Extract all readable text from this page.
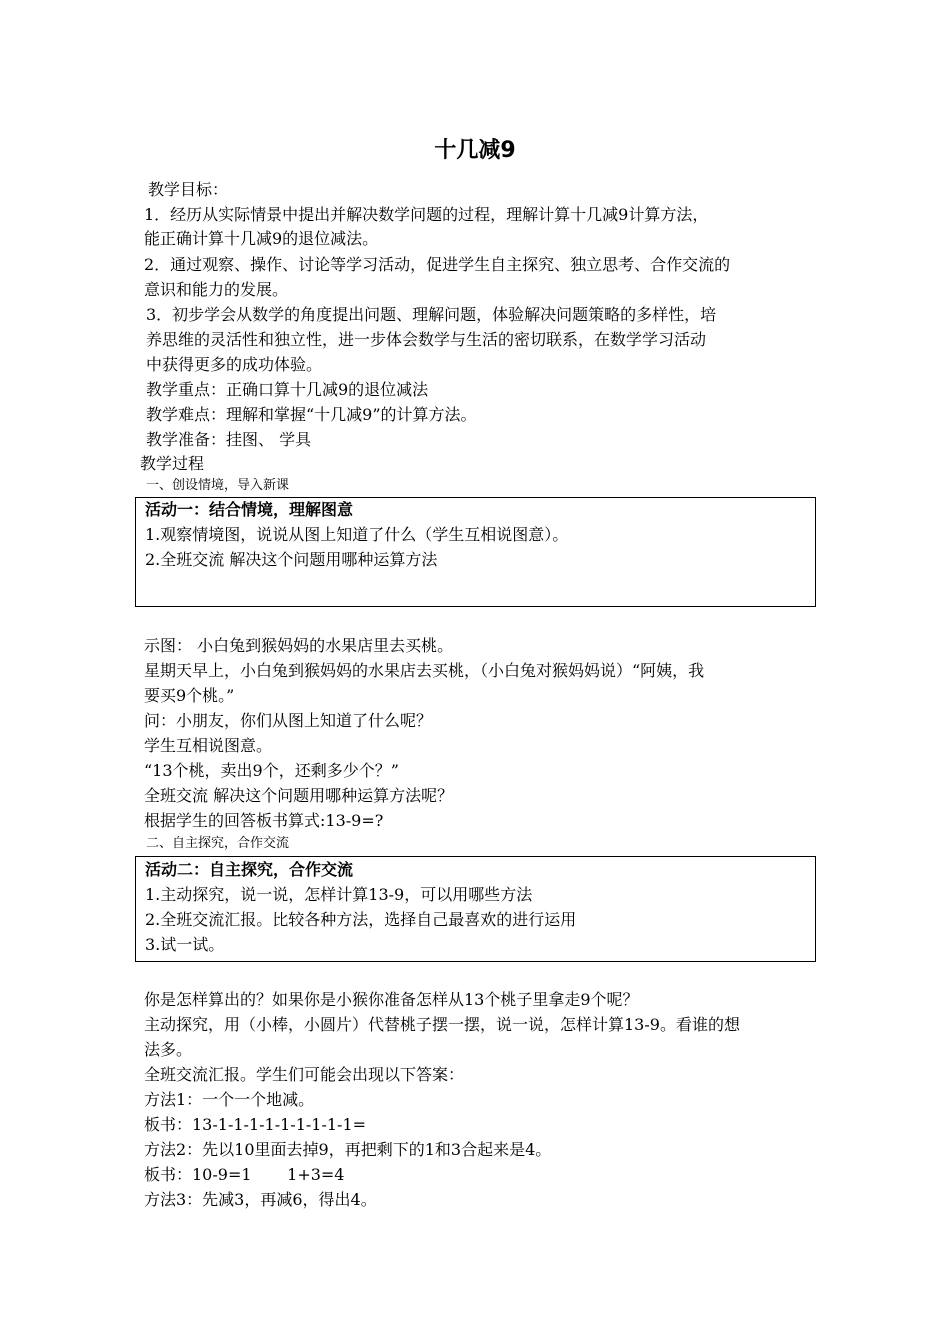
十几减9
教学目标：
1．经历从实际情景中提出并解决数学问题的过程，理解计算十几减9计算方法，
能正确计算十几减9的退位减法。
2．通过观察、操作、讨论等学习活动，促进学生自主探究、独立思考、合作交流的
意识和能力的发展。
3．初步学会从数学的角度提出问题、理解问题，体验解决问题策略的多样性，培
养思维的灵活性和独立性，进一步体会数学与生活的密切联系，在数学学习活动
中获得更多的成功体验。
教学重点：正确口算十几减9的退位减法
教学难点：理解和掌握“十几减9”的计算方法。
教学准备：挂图、 学具
教学过程
一、创设情境，导入新课
活动一：结合情境，理解图意
1.观察情境图，说说从图上知道了什么（学生互相说图意）。
2.全班交流 解决这个问题用哪种运算方法
示图： 小白兔到猴妈妈的水果店里去买桃。
星期天早上，小白兔到猴妈妈的水果店去买桃，（小白兔对猴妈妈说）“阿姨，我
要买9个桃。”
问：小朋友，你们从图上知道了什么呢？
学生互相说图意。
“13个桃，卖出9个，还剩多少个？”
全班交流 解决这个问题用哪种运算方法呢？
根据学生的回答板书算式:13-9=?
二、自主探究，合作交流
活动二：自主探究，合作交流
1.主动探究，说一说，怎样计算13-9，可以用哪些方法
2.全班交流汇报。比较各种方法，选择自己最喜欢的进行运用
3.试一试。
你是怎样算出的？如果你是小猴你准备怎样从13个桃子里拿走9个呢？
主动探究，用（小棒，小圆片）代替桃子摆一摆，说一说，怎样计算13-9。看谁的想
法多。
全班交流汇报。学生们可能会出现以下答案：
方法1：一个一个地减。
板书：13-1-1-1-1-1-1-1-1-1=
方法2：先以10里面去掉9，再把剩下的1和3合起来是4。
板书：10-9=1       1+3=4
方法3：先减3，再减6，得出4。
